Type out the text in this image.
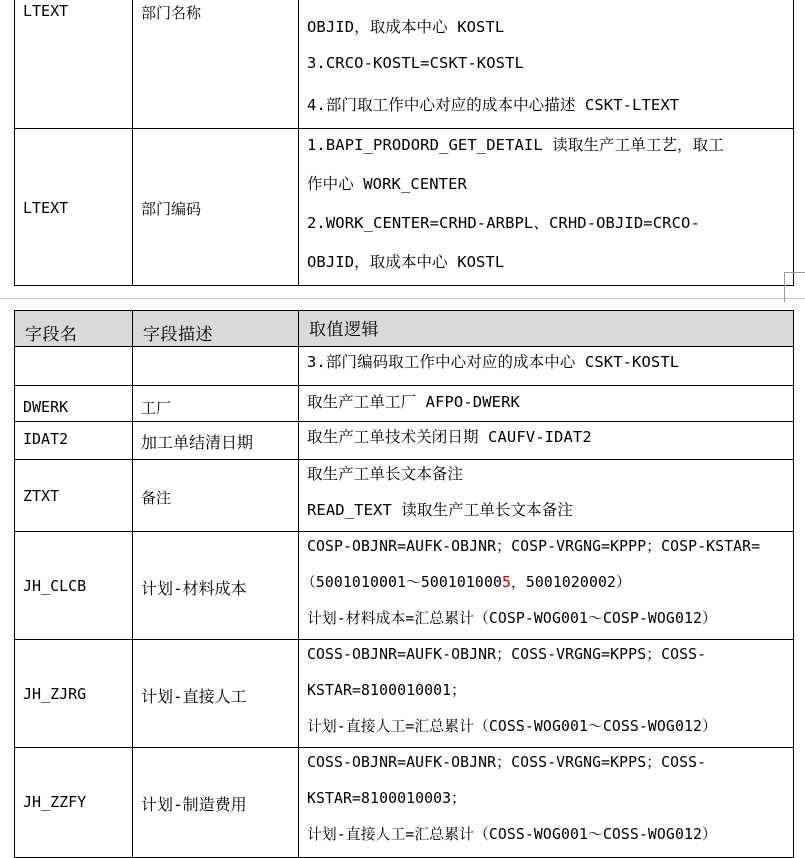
LTEXT	部门名称
OBJID，取成本中心 KOSTL
3.CRCO-KOSTL=CSKT-KOSTL
4.部门取工作中心对应的成本中心描述 CSKT-LTEXT
LTEXT	部门编码
1.BAPI_PRODORD_GET_DETAIL 读取生产工单工艺，取工
作中心 WORK_CENTER
2.WORK_CENTER=CRHD-ARBPL、CRHD-OBJID=CRCO-
OBJID，取成本中心 KOSTL
字段名	字段描述	取值逻辑
3.部门编码取工作中心对应的成本中心 CSKT-KOSTL
DWERK	工厂	取生产工单工厂 AFPO-DWERK
IDAT2	加工单结清日期	取生产工单技术关闭日期 CAUFV-IDAT2
ZTXT	备注
取生产工单长文本备注
READ_TEXT 读取生产工单长文本备注
JH_CLCB	计划-材料成本
COSP-OBJNR=AUFK-OBJNR；COSP-VRGNG=KPPP；COSP-KSTAR=
（5001010001～5001010005，5001020002）
计划-材料成本=汇总累计（COSP-WOG001～COSP-WOG012）
JH_ZJRG	计划-直接人工
COSS-OBJNR=AUFK-OBJNR；COSS-VRGNG=KPPS；COSS-
KSTAR=8100010001；
计划-直接人工=汇总累计（COSS-WOG001～COSS-WOG012）
JH_ZZFY	计划-制造费用
COSS-OBJNR=AUFK-OBJNR；COSS-VRGNG=KPPS；COSS-
KSTAR=8100010003；
计划-直接人工=汇总累计（COSS-WOG001～COSS-WOG012）
